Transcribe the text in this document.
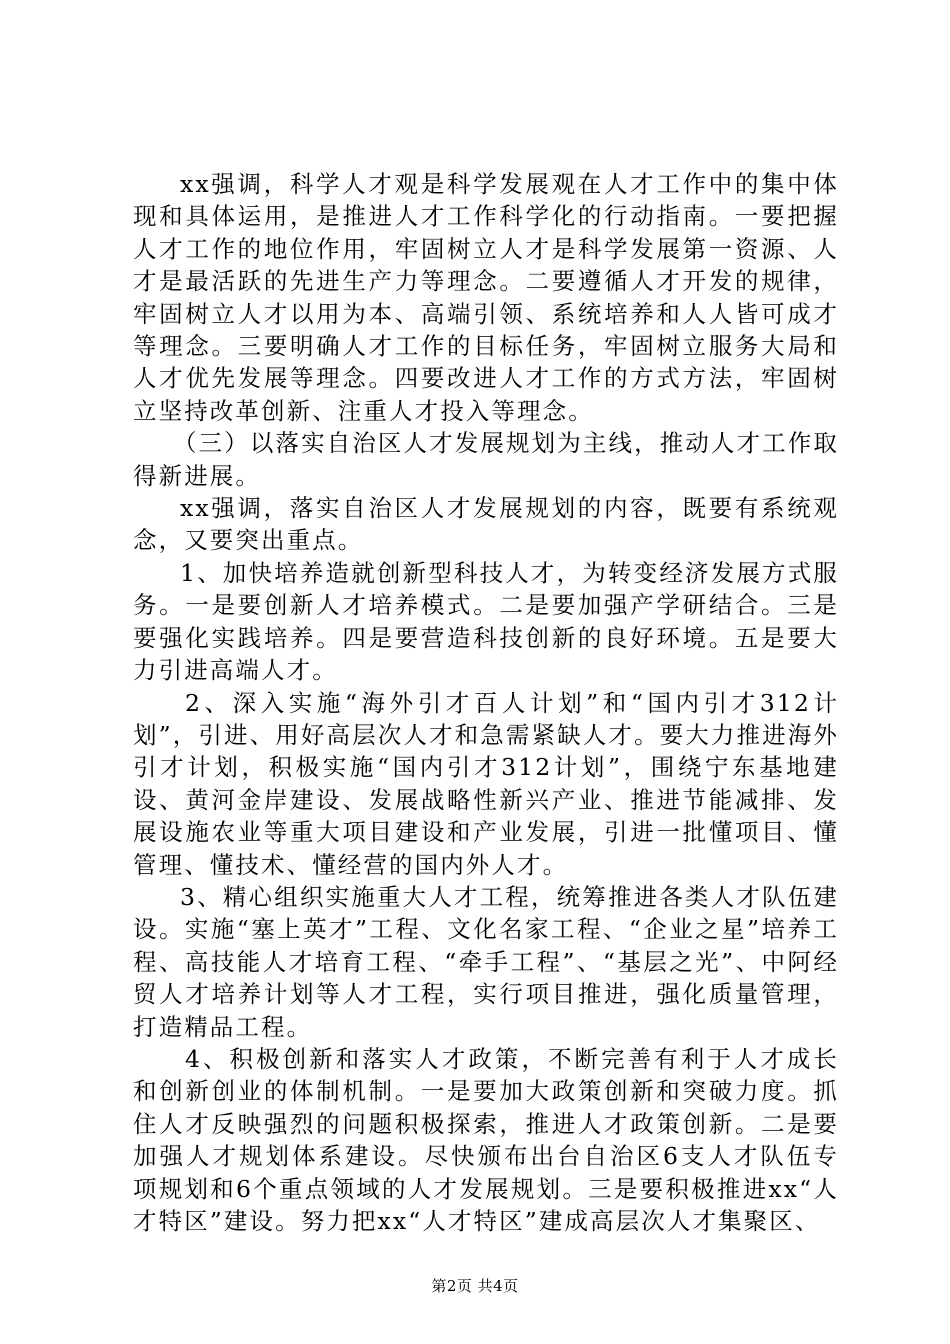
xx强调，科学人才观是科学发展观在人才工作中的集中体现和具体运用，是推进人才工作科学化的行动指南。一要把握人才工作的地位作用，牢固树立人才是科学发展第一资源、人才是最活跃的先进生产力等理念。二要遵循人才开发的规律，牢固树立人才以用为本、高端引领、系统培养和人人皆可成才等理念。三要明确人才工作的目标任务，牢固树立服务大局和人才优先发展等理念。四要改进人才工作的方式方法，牢固树立坚持改革创新、注重人才投入等理念。

（三）以落实自治区人才发展规划为主线，推动人才工作取得新进展。

xx强调，落实自治区人才发展规划的内容，既要有系统观念，又要突出重点。

1、加快培养造就创新型科技人才，为转变经济发展方式服务。一是要创新人才培养模式。二是要加强产学研结合。三是要强化实践培养。四是要营造科技创新的良好环境。五是要大力引进高端人才。

2、深入实施“海外引才百人计划”和“国内引才312计划”，引进、用好高层次人才和急需紧缺人才。要大力推进海外引才计划，积极实施“国内引才312计划”，围绕宁东基地建设、黄河金岸建设、发展战略性新兴产业、推进节能减排、发展设施农业等重大项目建设和产业发展，引进一批懂项目、懂管理、懂技术、懂经营的国内外人才。

3、精心组织实施重大人才工程，统筹推进各类人才队伍建设。实施“塞上英才”工程、文化名家工程、“企业之星”培养工程、高技能人才培育工程、“牵手工程”、“基层之光”、中阿经贸人才培养计划等人才工程，实行项目推进，强化质量管理，打造精品工程。

4、积极创新和落实人才政策，不断完善有利于人才成长和创新创业的体制机制。一是要加大政策创新和突破力度。抓住人才反映强烈的问题积极探索，推进人才政策创新。二是要加强人才规划体系建设。尽快颁布出台自治区6支人才队伍专项规划和6个重点领域的人才发展规划。三是要积极推进xx“人才特区”建设。努力把xx“人才特区”建成高层次人才集聚区、

第2页 共4页
